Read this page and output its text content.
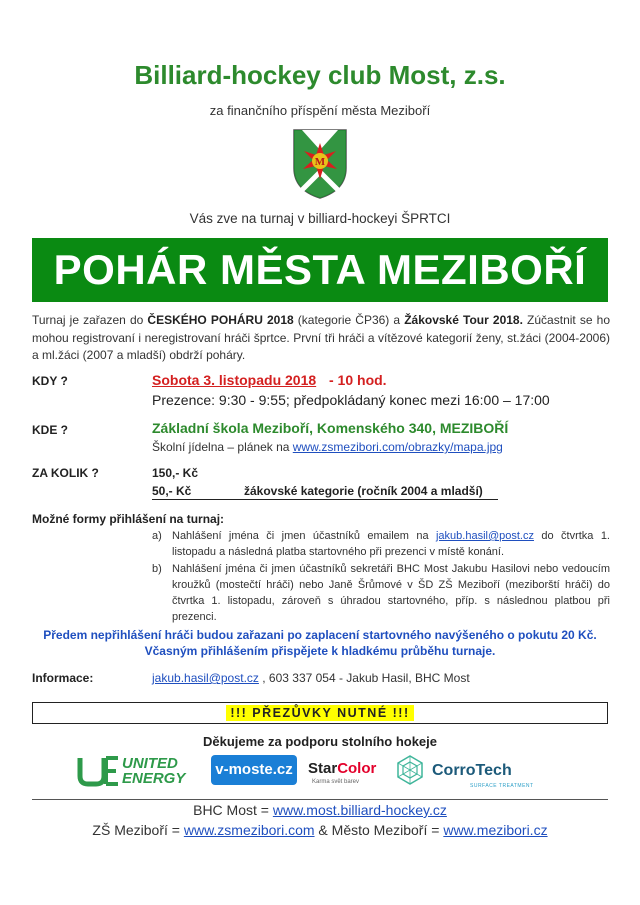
Billiard-hockey club Most, z.s.
za finančního příspění města Meziboří
M
Vás zve na turnaj v billiard-hockeyi ŠPRTCI
POHÁR MĚSTA MEZIBOŘÍ
Turnaj je zařazen do ČESKÉHO POHÁRU 2018 (kategorie ČP36) a Žákovské Tour 2018. Zúčastnit se ho mohou registrovaní i neregistrovaní hráči šprtce. První tři hráči a vítězové kategorií ženy, st.žáci (2004-2006) a ml.žáci (2007 a mladší) obdrží poháry.
KDY ?	Sobota 3. listopadu 2018 - 10 hod.
Prezence: 9:30 - 9:55; předpokládaný konec mezi 16:00 – 17:00
KDE ?	Základní škola Meziboří, Komenského 340, MEZIBOŘÍ
Školní jídelna – plánek na www.zsmezibori.com/obrazky/mapa.jpg
ZA KOLIK ?	150,- Kč
50,- Kč	žákovské kategorie (ročník 2004 a mladší)
Možné formy přihlášení na turnaj:
a) Nahlášení jména či jmen účastníků emailem na jakub.hasil@post.cz do čtvrtka 1. listopadu a následná platba startovného při prezenci v místě konání.
b) Nahlášení jména či jmen účastníků sekretáři BHC Most Jakubu Hasilovi nebo vedoucím kroužků (mostečtí hráči) nebo Janě Šrůmové v ŠD ZŠ Meziboří (meziborští hráči) do čtvrtka 1. listopadu, zároveň s úhradou startovného, příp. s následnou platbou při prezenci.
Předem nepřihlášení hráči budou zařazani po zaplacení startovného navýšeného o pokutu 20 Kč.
Včasným přihlášením přispějete k hladkému průběhu turnaje.
Informace:	jakub.hasil@post.cz , 603 337 054 - Jakub Hasil, BHC Most
!!! PŘEZŮVKY NUTNÉ !!!
Děkujeme za podporu stolního hokeje
UNITED
ENERGY
v-moste.cz StarColor
Karma svět barev
CorroTech
SURFACE TREATMENT
BHC Most = www.most.billiard-hockey.cz
ZŠ Meziboří = www.zsmezibori.com & Město Meziboří = www.mezibori.cz
